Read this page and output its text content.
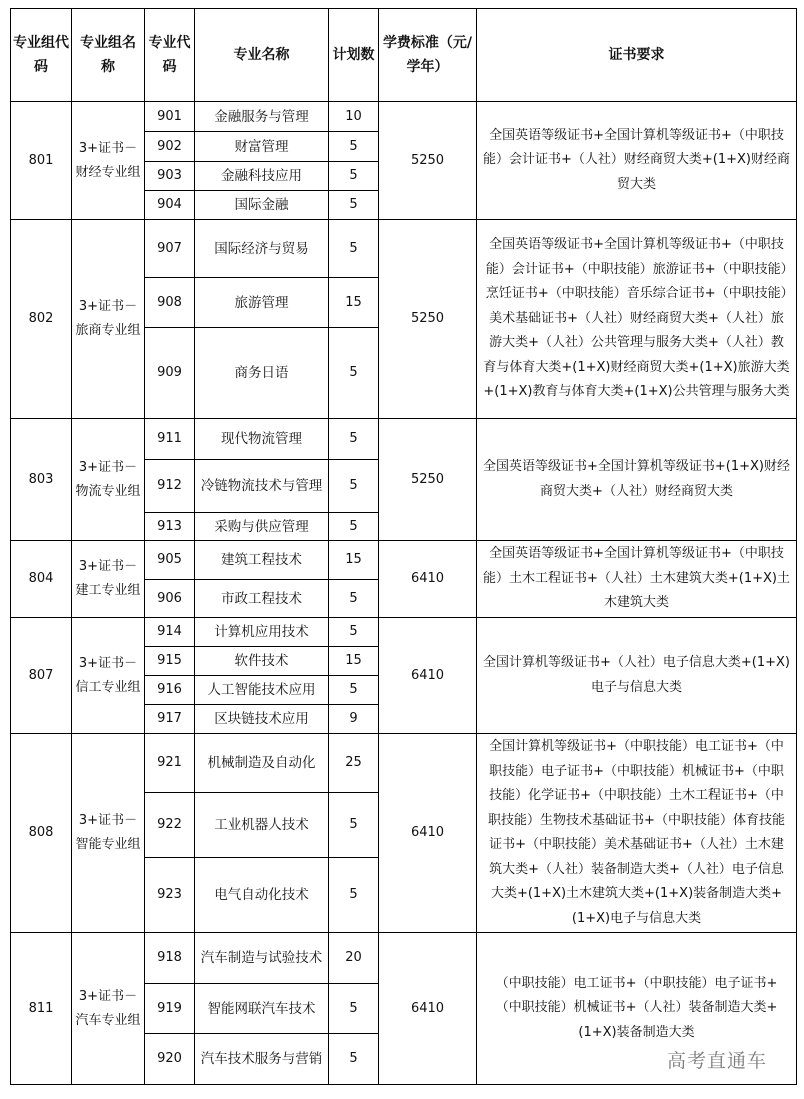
专业组代码	专业组名称	专业代码	专业名称	计划数	学费标准（元/学年）	证书要求
801	3+证书－财经专业组	901	金融服务与管理	10	5250	全国英语等级证书+全国计算机等级证书+（中职技能）会计证书+（人社）财经商贸大类+(1+X)财经商贸大类
		902	财富管理	5		
		903	金融科技应用	5		
		904	国际金融	5		
802	3+证书－旅商专业组	907	国际经济与贸易	5	5250	全国英语等级证书+全国计算机等级证书+（中职技能）会计证书+（中职技能）旅游证书+（中职技能）烹饪证书+（中职技能）音乐综合证书+（中职技能）美术基础证书+（人社）财经商贸大类+（人社）旅游大类+（人社）公共管理与服务大类+（人社）教育与体育大类+(1+X)财经商贸大类+(1+X)旅游大类+(1+X)教育与体育大类+(1+X)公共管理与服务大类
		908	旅游管理	15		
		909	商务日语	5		
803	3+证书－物流专业组	911	现代物流管理	5	5250	全国英语等级证书+全国计算机等级证书+(1+X)财经商贸大类+（人社）财经商贸大类
		912	冷链物流技术与管理	5		
		913	采购与供应管理	5		
804	3+证书－建工专业组	905	建筑工程技术	15	6410	全国英语等级证书+全国计算机等级证书+（中职技能）土木工程证书+（人社）土木建筑大类+(1+X)土木建筑大类
		906	市政工程技术	5		
807	3+证书－信工专业组	914	计算机应用技术	5	6410	全国计算机等级证书+（人社）电子信息大类+(1+X)电子与信息大类
		915	软件技术	15		
		916	人工智能技术应用	5		
		917	区块链技术应用	9		
808	3+证书－智能专业组	921	机械制造及自动化	25	6410	全国计算机等级证书+（中职技能）电工证书+（中职技能）电子证书+（中职技能）机械证书+（中职技能）化学证书+（中职技能）土木工程证书+（中职技能）生物技术基础证书+（中职技能）体育技能证书+（中职技能）美术基础证书+（人社）土木建筑大类+（人社）装备制造大类+（人社）电子信息大类+(1+X)土木建筑大类+(1+X)装备制造大类+(1+X)电子与信息大类
		922	工业机器人技术	5		
		923	电气自动化技术	5		
811	3+证书－汽车专业组	918	汽车制造与试验技术	20	6410	（中职技能）电工证书+（中职技能）电子证书+（中职技能）机械证书+（人社）装备制造大类+(1+X)装备制造大类
		919	智能网联汽车技术	5		
		920	汽车技术服务与营销	5			高考直通车
